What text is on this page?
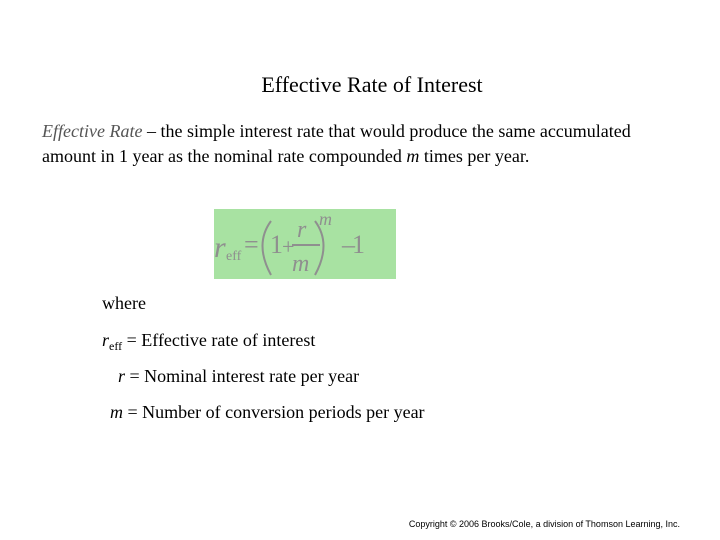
Effective Rate of Interest
Effective Rate – the simple interest rate that would produce the same accumulated amount in 1 year as the nominal rate compounded m times per year.
r eff = 1 +
r
m
m
–
1
where
$r_{eff}$ = Effective rate of interest
r = Nominal interest rate per year
m = Number of conversion periods per year
Copyright © 2006 Brooks/Cole, a division of Thomson Learning, Inc.
